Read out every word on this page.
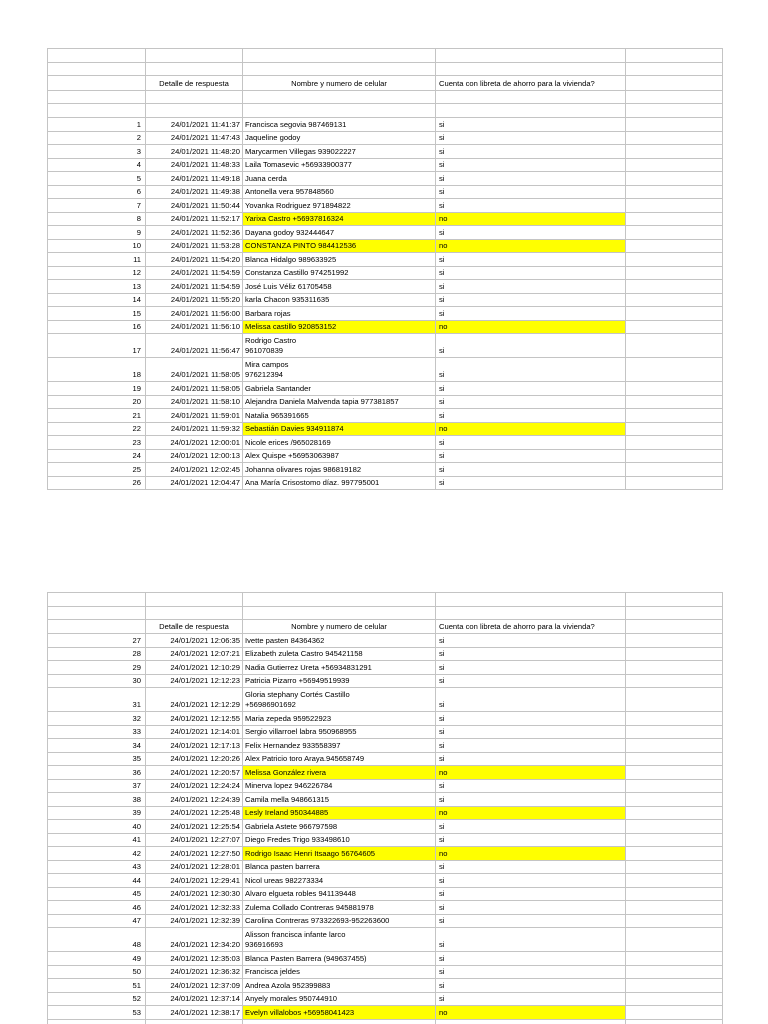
	Detalle de respuesta	Nombre y numero de celular	Cuenta con libreta de ahorro para la vivienda?	

1	24/01/2021 11:41:37	Francisca segovia 987469131	si	
2	24/01/2021 11:47:43	Jaqueline godoy	si	
3	24/01/2021 11:48:20	Marycarmen Villegas 939022227	si	
4	24/01/2021 11:48:33	Laila Tomasevic +56933900377	si	
5	24/01/2021 11:49:18	Juana cerda	si	
6	24/01/2021 11:49:38	Antonella vera 957848560	si	
7	24/01/2021 11:50:44	Yovanka Rodriguez 971894822	si	
8	24/01/2021 11:52:17	Yarixa Castro +56937816324	no	
9	24/01/2021 11:52:36	Dayana godoy 932444647	si	
10	24/01/2021 11:53:28	CONSTANZA PINTO 984412536	no	
11	24/01/2021 11:54:20	Blanca Hidalgo 989633925	si	
12	24/01/2021 11:54:59	Constanza Castillo 974251992	si	
13	24/01/2021 11:54:59	José Luis Véliz 61705458	si	
14	24/01/2021 11:55:20	karla Chacon 935311635	si	
15	24/01/2021 11:56:00	Barbara rojas	si	
16	24/01/2021 11:56:10	Melissa castillo 920853152	no	
17	24/01/2021 11:56:47	Rodrigo Castro
961070839	si	
18	24/01/2021 11:58:05	Mira campos
976212394	si	
19	24/01/2021 11:58:05	Gabriela Santander	si	
20	24/01/2021 11:58:10	Alejandra Daniela Malvenda tapia 977381857	si	
21	24/01/2021 11:59:01	Natalia 965391665	si	
22	24/01/2021 11:59:32	Sebastián Davies 934911874	no	
23	24/01/2021 12:00:01	Nicole erices /965028169	si	
24	24/01/2021 12:00:13	Alex Quispe +56953063987	si	
25	24/01/2021 12:02:45	Johanna olivares rojas 986819182	si	
26	24/01/2021 12:04:47	Ana María Crisostomo díaz. 997795001	si	

	Detalle de respuesta	Nombre y numero de celular	Cuenta con libreta de ahorro para la vivienda?	
27	24/01/2021 12:06:35	Ivette pasten 84364362	si	
28	24/01/2021 12:07:21	Elizabeth zuleta Castro 945421158	si	
29	24/01/2021 12:10:29	Nadia Gutierrez Ureta +56934831291	si	
30	24/01/2021 12:12:23	Patricia Pizarro +56949519939	si	
31	24/01/2021 12:12:29	Gloria stephany Cortés Castillo
+56986901692	si	
32	24/01/2021 12:12:55	Maria zepeda 959522923	si	
33	24/01/2021 12:14:01	Sergio villarroel labra 950968955	si	
34	24/01/2021 12:17:13	Felix Hernandez 933558397	si	
35	24/01/2021 12:20:26	Alex Patricio toro Araya.945658749	si	
36	24/01/2021 12:20:57	Melissa González rivera	no	
37	24/01/2021 12:24:24	Minerva lopez 946226784	si	
38	24/01/2021 12:24:39	Camila mella 948661315	si	
39	24/01/2021 12:25:48	Lesly Ireland 950344885	no	
40	24/01/2021 12:25:54	Gabriela Astete 966797598	si	
41	24/01/2021 12:27:07	Diego Fredes Trigo 933498610	si	
42	24/01/2021 12:27:50	Rodrigo Isaac Henri Itsaago 56764605	no	
43	24/01/2021 12:28:01	Blanca pasten barrera	si	
44	24/01/2021 12:29:41	Nicol ureas 982273334	si	
45	24/01/2021 12:30:30	Alvaro elgueta robles 941139448	si	
46	24/01/2021 12:32:33	Zulema Collado Contreras 945881978	si	
47	24/01/2021 12:32:39	Carolina Contreras 973322693-952263600	si	
48	24/01/2021 12:34:20	Alisson francisca infante larco
936916693	si	
49	24/01/2021 12:35:03	Blanca Pasten Barrera (949637455)	si	
50	24/01/2021 12:36:32	Francisca jeldes	si	
51	24/01/2021 12:37:09	Andrea Azola 952399883	si	
52	24/01/2021 12:37:14	Anyely morales 950744910	si	
53	24/01/2021 12:38:17	Evelyn villalobos +56958041423	no	
